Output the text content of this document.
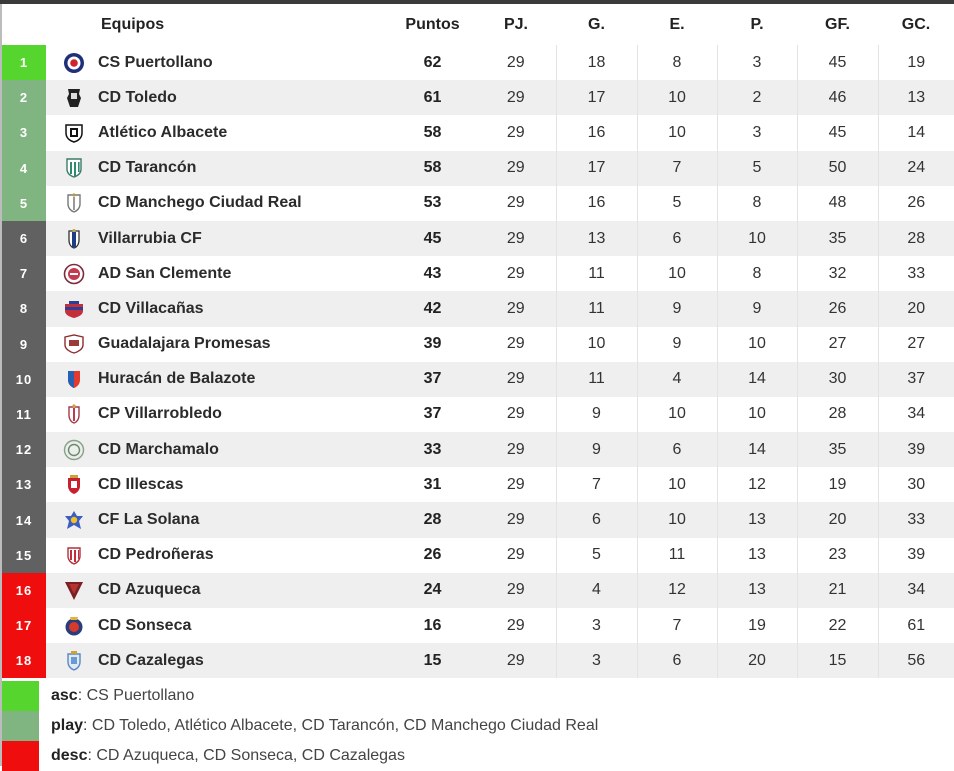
	Equipos	Puntos	PJ.	G.	E.	P.	GF.	GC.
1	CS Puertollano	62	29	18	8	3	45	19
2	CD Toledo	61	29	17	10	2	46	13
3	Atlético Albacete	58	29	16	10	3	45	14
4	CD Tarancón	58	29	17	7	5	50	24
5	CD Manchego Ciudad Real	53	29	16	5	8	48	26
6	Villarrubia CF	45	29	13	6	10	35	28
7	AD San Clemente	43	29	11	10	8	32	33
8	CD Villacañas	42	29	11	9	9	26	20
9	Guadalajara Promesas	39	29	10	9	10	27	27
10	Huracán de Balazote	37	29	11	4	14	30	37
11	CP Villarrobledo	37	29	9	10	10	28	34
12	CD Marchamalo	33	29	9	6	14	35	39
13	CD Illescas	31	29	7	10	12	19	30
14	CF La Solana	28	29	6	10	13	20	33
15	CD Pedroñeras	26	29	5	11	13	23	39
16	CD Azuqueca	24	29	4	12	13	21	34
17	CD Sonseca	16	29	3	7	19	22	61
18	CD Cazalegas	15	29	3	6	20	15	56
asc: CS Puertollano
play: CD Toledo, Atlético Albacete, CD Tarancón, CD Manchego Ciudad Real
desc: CD Azuqueca, CD Sonseca, CD Cazalegas
